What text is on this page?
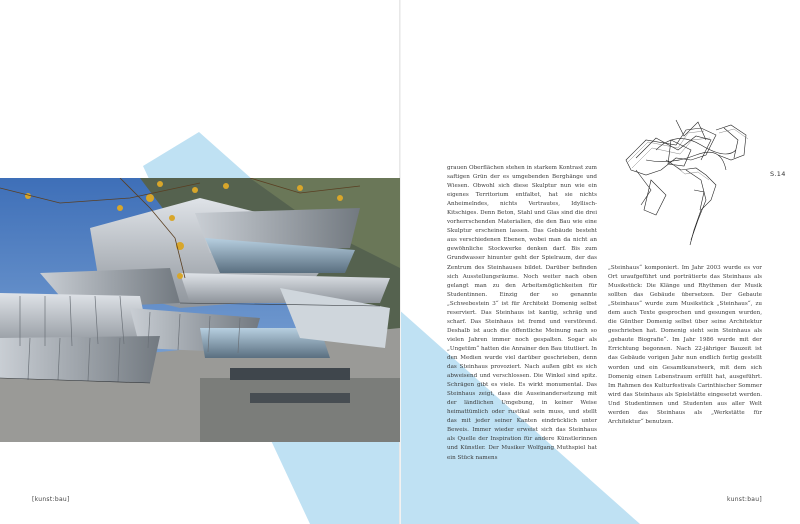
grauen Oberflächen stehen in starkem Kontrast zum saftigen Grün der es umgebenden Berghänge und Wiesen. Obwohl sich diese Skulptur nun wie ein eigenes Territorium entfaltet, hat sie nichts Anheimelndes, nichts Vertrautes, Idyllisch-Kitschiges. Denn Beton, Stahl und Glas sind die drei vorherrschenden Materialien, die den Bau wie eine Skulptur erscheinen lassen. Das Gebäude besteht aus verschiedenen Ebenen, wobei man da nicht an gewöhnliche Stockwerke denken darf. Bis zum Grundwasser hinunter geht der Spielraum, der das Zentrum des Steinhauses bildet. Darüber befinden sich Ausstellungsräume. Noch weiter nach oben gelangt man zu den Arbeitsmöglichkeiten für Studentinnen. Einzig der so genannte „Schwebestein 3“ ist für Architekt Domenig selbst reserviert. Das Steinhaus ist kantig, schräg und scharf. Das Steinhaus ist fremd und verstörend. Deshalb ist auch die öffentliche Meinung nach so vielen Jahren immer noch gespalten. Sogar als „Ungetüm“ hatten die Anrainer den Bau titutliert. In den Medien wurde viel darüber geschrieben, denn das Steinhaus provoziert. Nach außen gibt es sich abweisend und verschlossen. Die Winkel sind spitz. Schrägen gibt es viele. Es wirkt monumental. Das Steinhaus zeigt, dass die Auseinandersetzung mit der ländlichen Umgebung, in keiner Weise heimattümlich oder rustikal sein muss, und stellt das mit jeder seiner Kanten eindrücklich unter Beweis. Immer wieder erweist sich das Steinhaus als Quelle der Inspiration für andere Künstlerinnen und Künstler. Der Musiker Wolfgang Muthspiel hat ein Stück namens

S.14

„Steinhaus“ komponiert. Im Jahr 2003 wurde es vor Ort uraufgeführt und porträtierte das Steinhaus als Musikstück: Die Klänge und Rhythmen der Musik sollten das Gebäude übersetzen. Der Gebaute „Steinhaus“ wurde zum Musikstück „Steinhaus“, zu dem auch Texte gesprochen und gesungen wurden, die Günther Domenig selbst über seine Architektur geschrieben hat. Domenig sieht sein Steinhaus als „gebaute Biografie“. Im Jahr 1986 wurde mit der Errichtung begonnen. Nach 22-jähriger Bauzeit ist das Gebäude vorigen Jahr nun endlich fertig gestellt worden und ein Gesamtkunstwerk, mit dem sich Domenig einen Lebenstraum erfüllt hat, ausgeführt. Im Rahmen des Kulturfestivals Carinthischer Sommer wird das Steinhaus als Spielstätte eingesetzt werden. Und Studentinnen und Studenten aus aller Welt werden das Steinhaus als „Werkstätte für Architektur“ benutzen.

[kunst:bau]	kunst:bau]
